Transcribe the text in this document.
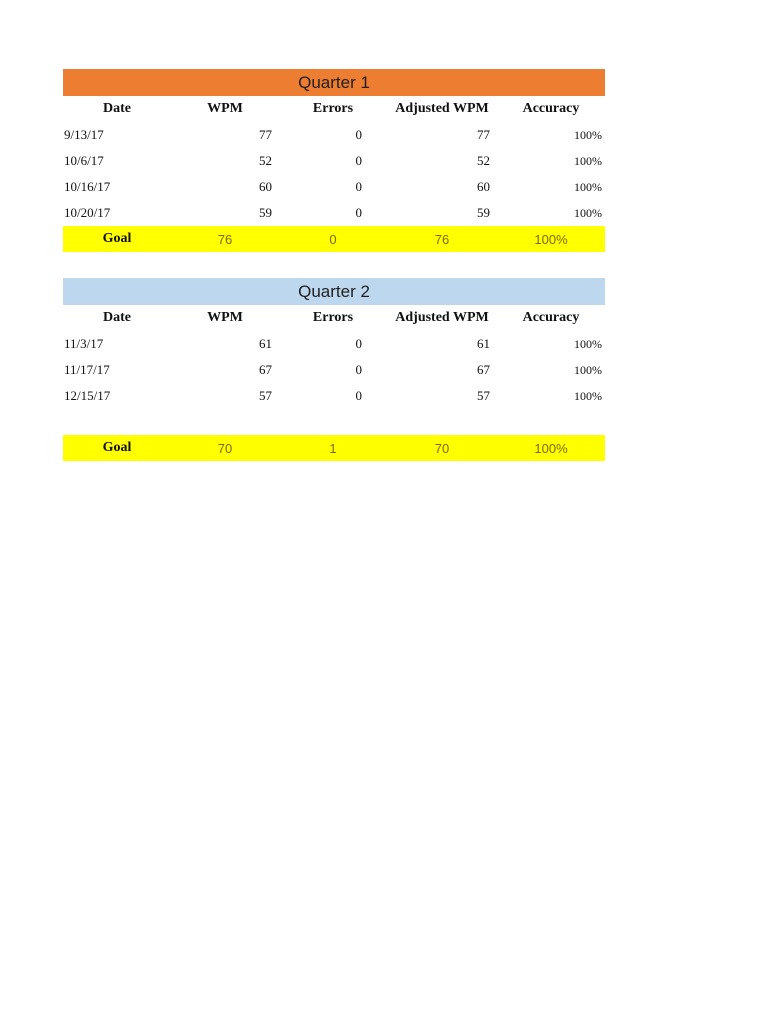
Quarter 1
Date	WPM	Errors	Adjusted WPM	Accuracy
9/13/17	77	0	77	100%
10/6/17	52	0	52	100%
10/16/17	60	0	60	100%
10/20/17	59	0	59	100%
Goal	76	0	76	100%
Quarter 2
Date	WPM	Errors	Adjusted WPM	Accuracy
11/3/17	61	0	61	100%
11/17/17	67	0	67	100%
12/15/17	57	0	57	100%

Goal	70	1	70	100%
